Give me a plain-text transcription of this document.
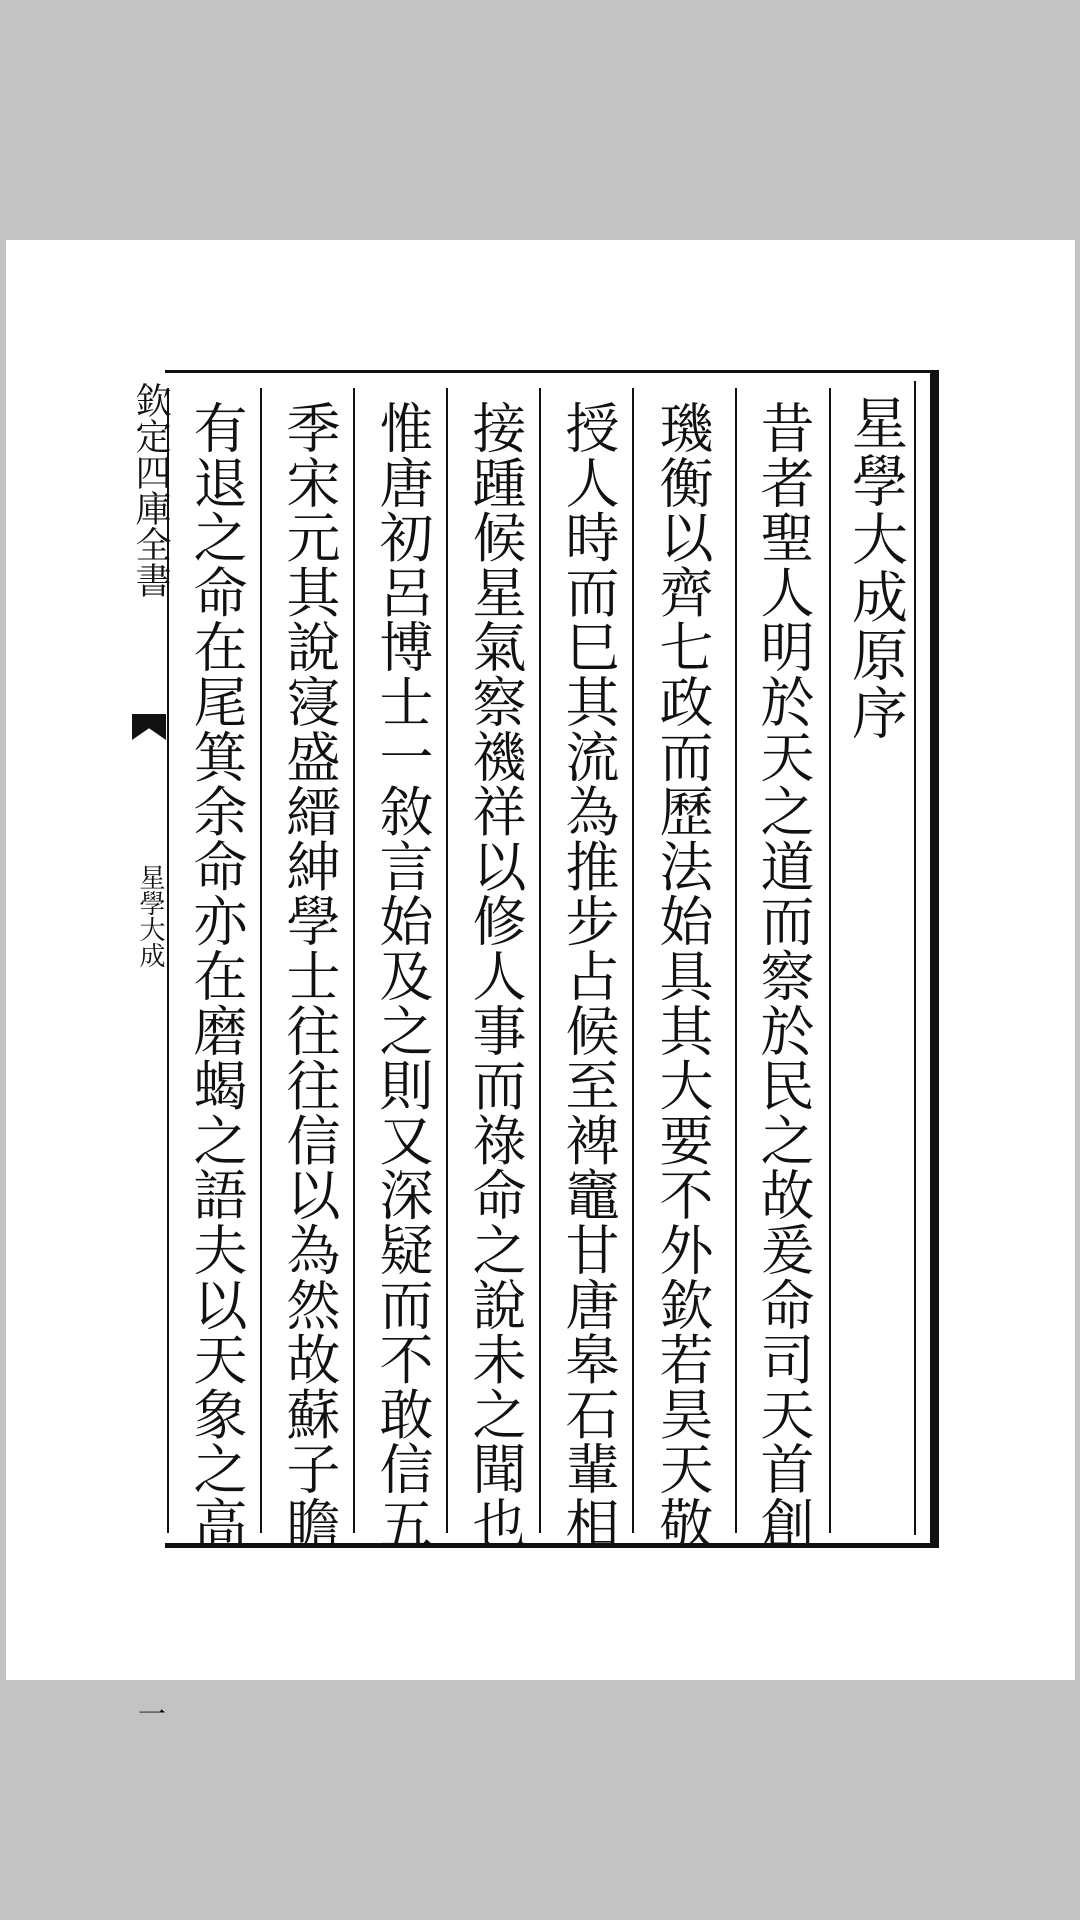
欽定四庫全書
星學大成
一
星學大成原序
昔者聖人明於天之道而察於民之故爰命司天首創
璣衡以齊七政而歷法始具其大要不外欽若昊天敬
授人時而巳其流為推步占候至裨竈甘唐皋石輩相
接踵候星氣察禨祥以修人事而祿命之說未之聞也
惟唐初呂博士一敘言始及之則又深疑而不敢信五
季宋元其說寖盛縉紳學士往往信以為然故蘇子瞻
有退之命在尾箕余命亦在磨蝎之語夫以天象之高
